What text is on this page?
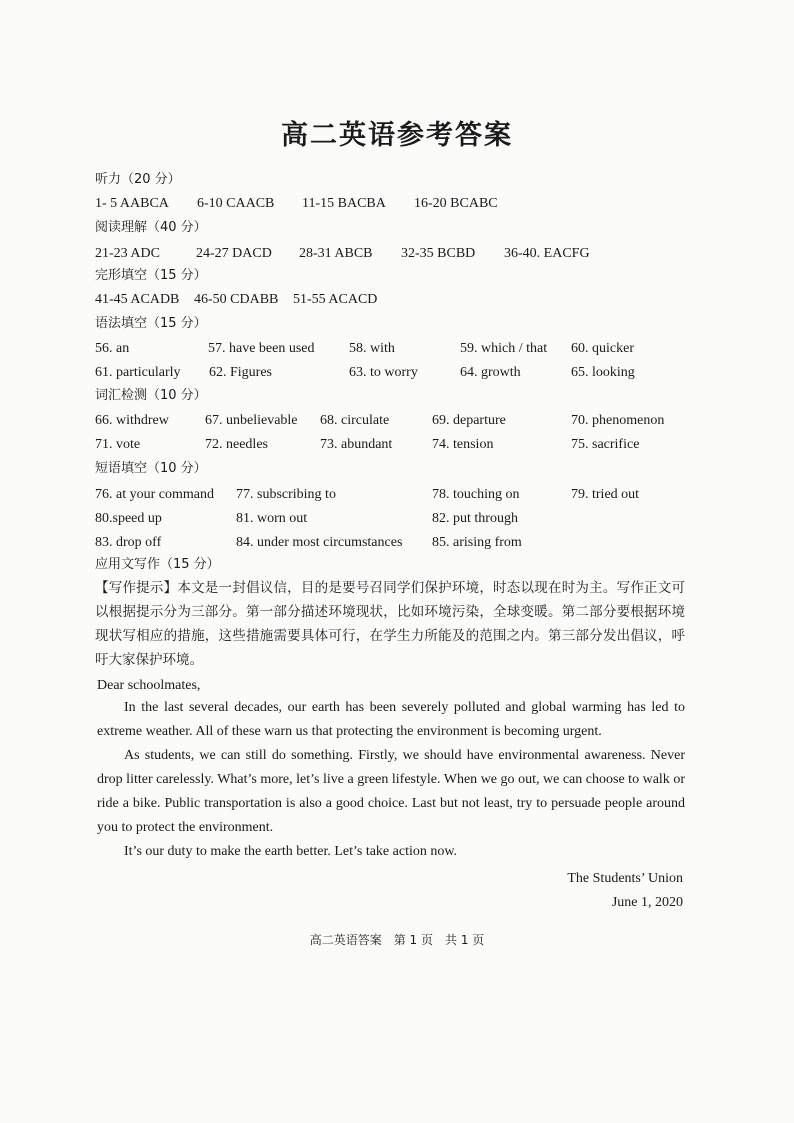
高二英语参考答案
听力（20 分）
1- 5 AABCA 6-10 CAACB 11-15 BACBA 16-20 BCABC
阅读理解（40 分）
21-23 ADC	24-27 DACD 28-31 ABCB 32-35 BCBD 36-40. EACFG
完形填空（15 分）
41-45 ACADB 46-50 CDABB 51-55 ACACD
语法填空（15 分）
56. an	57. have been used 58. with	59. which / that 60. quicker
61. particularly 62. Figures	63. to worry	64. growth	65. looking
词汇检测（10 分）
66. withdrew	67. unbelievable 68. circulate	69. departure	70. phenomenon
71. vote	72. needles	73. abundant	74. tension	75. sacrifice
短语填空（10 分）
76. at your command 77. subscribing to	78. touching on	79. tried out
80.speed up	81. worn out	82. put through
83. drop off	84. under most circumstances 85. arising from
应用文写作（15 分）
【写作提示】本文是一封倡议信，目的是要号召同学们保护环境，时态以现在时为主。写作正文可以根据提示分为三部分。第一部分描述环境现状，比如环境污染，全球变暖。第二部分要根据环境现状写相应的措施，这些措施需要具体可行，在学生力所能及的范围之内。第三部分发出倡议，呼吁大家保护环境。
Dear schoolmates,
In the last several decades, our earth has been severely polluted and global warming has led to extreme weather. All of these warn us that protecting the environment is becoming urgent.
As students, we can still do something. Firstly, we should have environmental awareness. Never drop litter carelessly. What’s more, let’s live a green lifestyle. When we go out, we can choose to walk or ride a bike. Public transportation is also a good choice. Last but not least, try to persuade people around you to protect the environment.
It’s our duty to make the earth better. Let’s take action now.
The Students’ Union
June 1, 2020
高二英语答案　第 1 页　共 1 页
